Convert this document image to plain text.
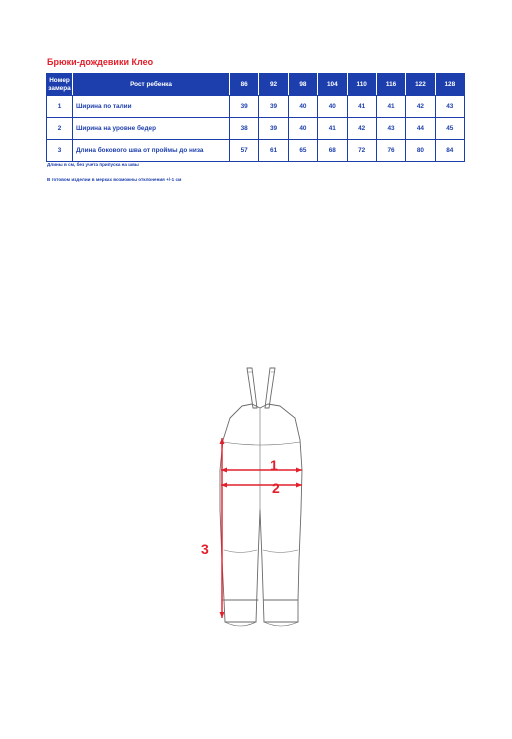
Брюки-дождевики Клео
Номер замера	Рост ребенка	86	92	98	104	110	116	122	128
1	Ширина по талии	39	39	40	40	41	41	42	43
2	Ширина на уровне бедер	38	39	40	41	42	43	44	45
3	Длина бокового шва от проймы до низа	57	61	65	68	72	76	80	84
Длины в см, без учета припуска на швы
В готовом изделии в мерках возможны отклонения +/-1 см
1
2
3
